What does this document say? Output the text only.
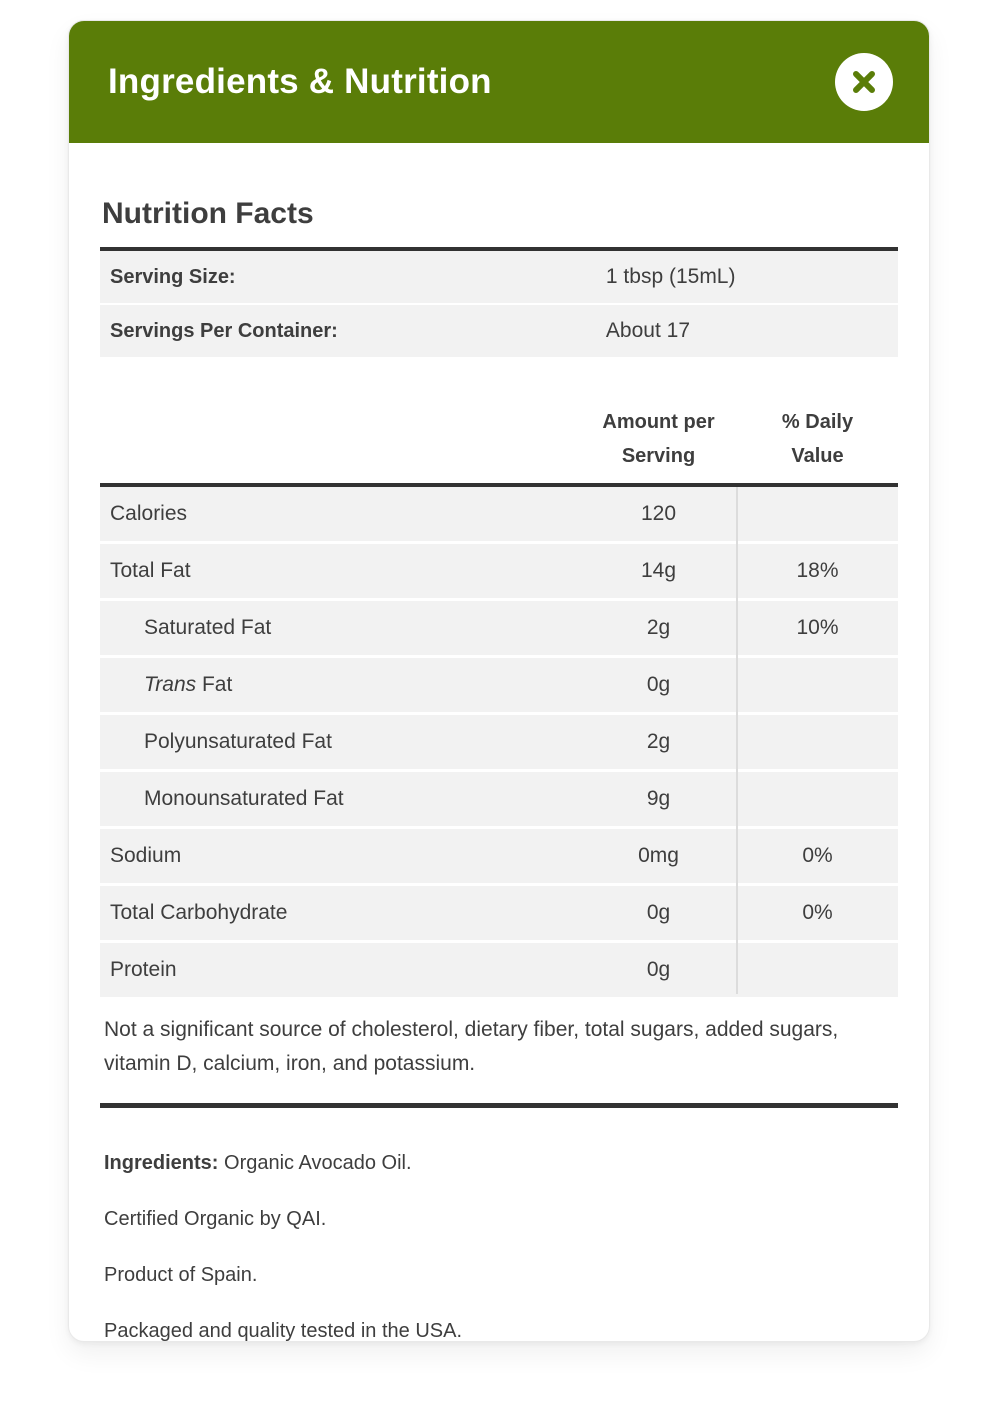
Ingredients & Nutrition
Nutrition Facts
Serving Size:	1 tbsp (15mL)
Servings Per Container:	About 17
Amount per
Serving
% Daily
Value
Calories	120
Total Fat	14g	18%
Saturated Fat	2g	10%
Trans Fat	0g
Polyunsaturated Fat	2g
Monounsaturated Fat	9g
Sodium	0mg	0%
Total Carbohydrate	0g	0%
Protein	0g
Not a significant source of cholesterol, dietary fiber, total sugars, added sugars, vitamin D, calcium, iron, and potassium.

Ingredients: Organic Avocado Oil.

Certified Organic by QAI.

Product of Spain.

Packaged and quality tested in the USA.
